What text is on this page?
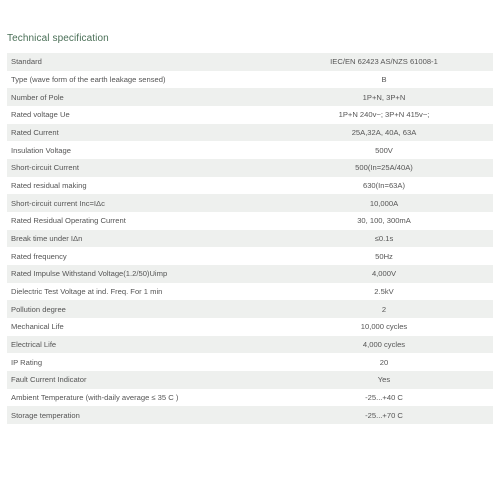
Technical specification
Standard	IEC/EN 62423 AS/NZS 61008-1
Type (wave form of the earth leakage sensed)	B
Number of Pole	1P+N, 3P+N
Rated voltage Ue	1P+N 240v~; 3P+N 415v~;
Rated Current	25A,32A, 40A, 63A
Insulation Voltage	500V
Short-circuit Current	500(In=25A/40A)
Rated residual making	630(In=63A)
Short-circuit current Inc=IΔc	10,000A
Rated Residual Operating Current	30, 100, 300mA
Break time under IΔn	≤0.1s
Rated frequency	50Hz
Rated Impulse Withstand Voltage(1.2/50)Uimp	4,000V
Dielectric Test Voltage at ind. Freq. For 1 min	2.5kV
Pollution degree	2
Mechanical Life	10,000 cycles
Electrical Life	4,000 cycles
IP Rating	20
Fault Current Indicator	Yes
Ambient Temperature (with-daily average ≤ 35 C )	-25...+40 C
Storage temperation	-25...+70 C
